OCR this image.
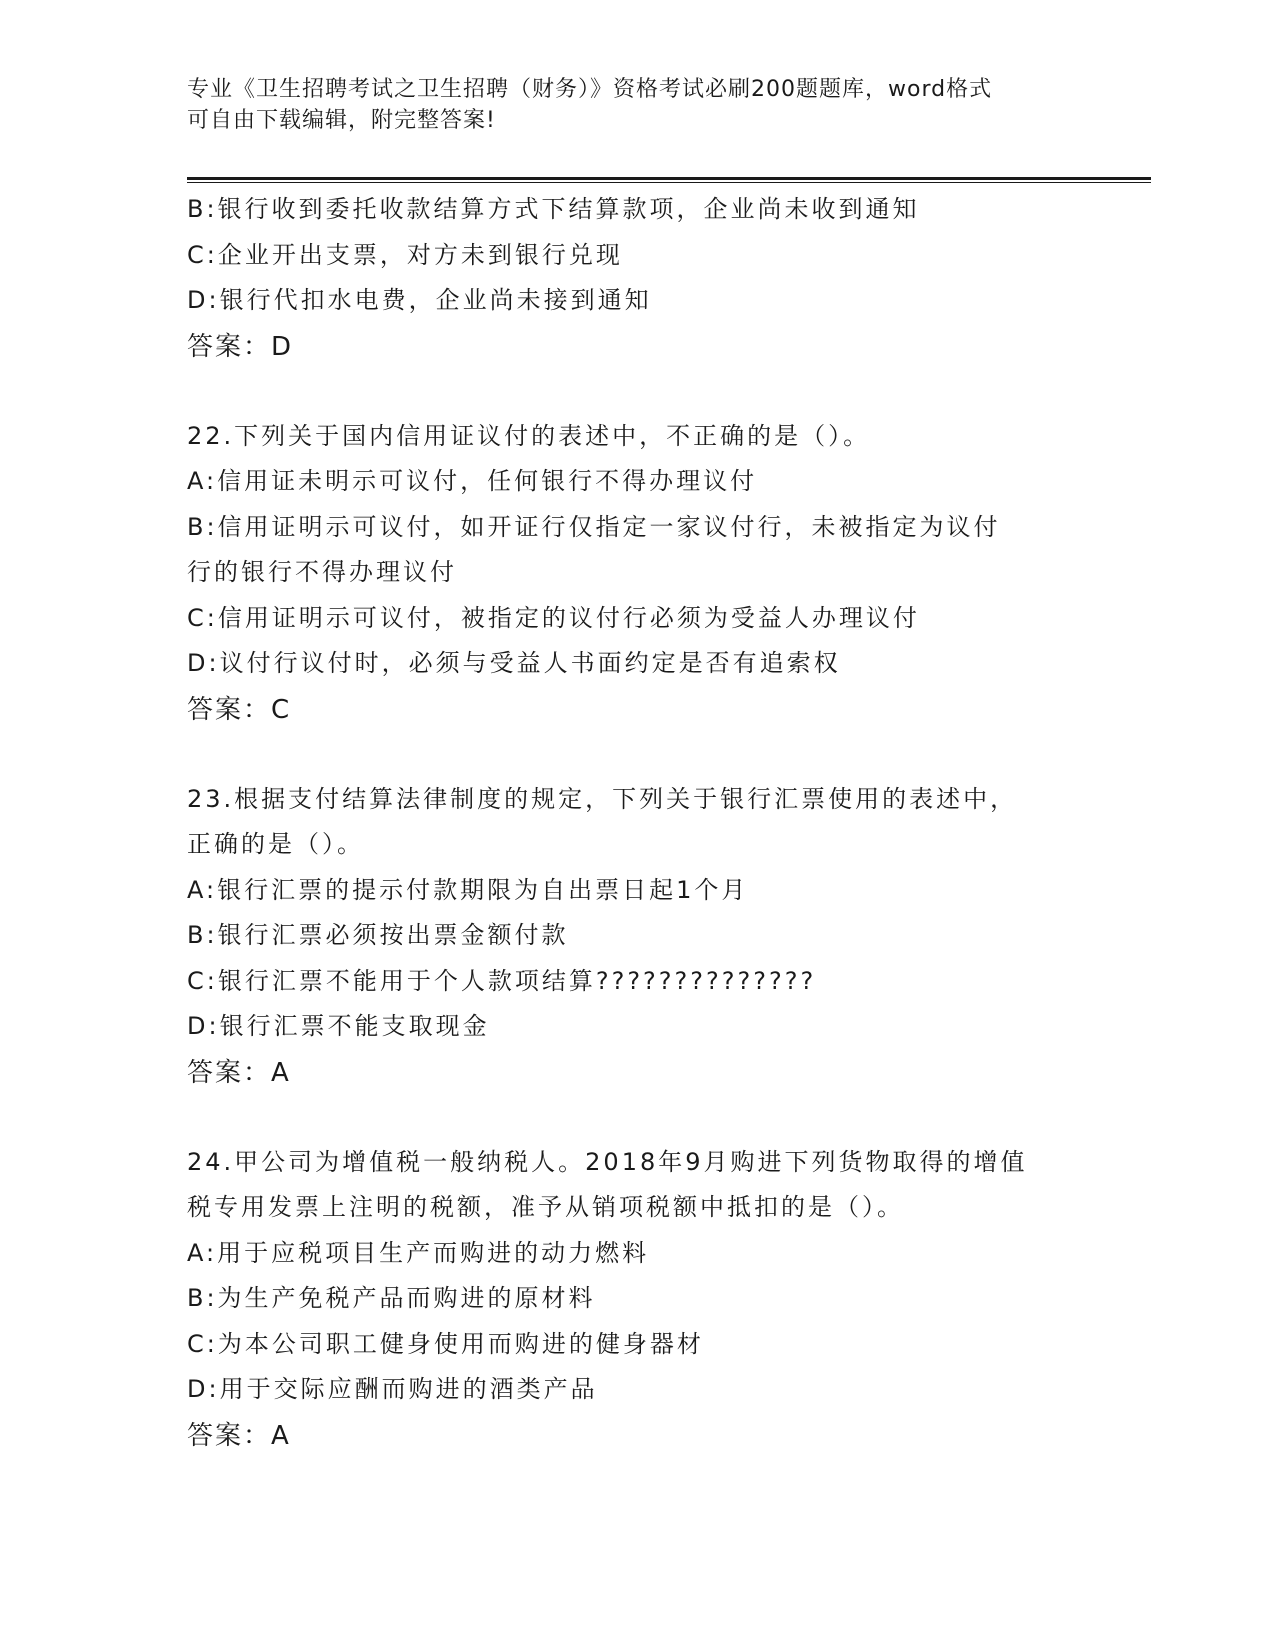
专业《卫生招聘考试之卫生招聘（财务）》资格考试必刷200题题库，word格式
可自由下载编辑，附完整答案!
B:银行收到委托收款结算方式下结算款项，企业尚未收到通知
C:企业开出支票，对方未到银行兑现
D:银行代扣水电费，企业尚未接到通知
答案：D
22.下列关于国内信用证议付的表述中，不正确的是（）。
A:信用证未明示可议付，任何银行不得办理议付
B:信用证明示可议付，如开证行仅指定一家议付行，未被指定为议付
行的银行不得办理议付
C:信用证明示可议付，被指定的议付行必须为受益人办理议付
D:议付行议付时，必须与受益人书面约定是否有追索权
答案：C
23.根据支付结算法律制度的规定，下列关于银行汇票使用的表述中，
正确的是（）。
A:银行汇票的提示付款期限为自出票日起1个月
B:银行汇票必须按出票金额付款
C:银行汇票不能用于个人款项结算??????????????
D:银行汇票不能支取现金
答案：A
24.甲公司为增值税一般纳税人。2018年9月购进下列货物取得的增值
税专用发票上注明的税额，准予从销项税额中抵扣的是（）。
A:用于应税项目生产而购进的动力燃料
B:为生产免税产品而购进的原材料
C:为本公司职工健身使用而购进的健身器材
D:用于交际应酬而购进的酒类产品
答案：A
